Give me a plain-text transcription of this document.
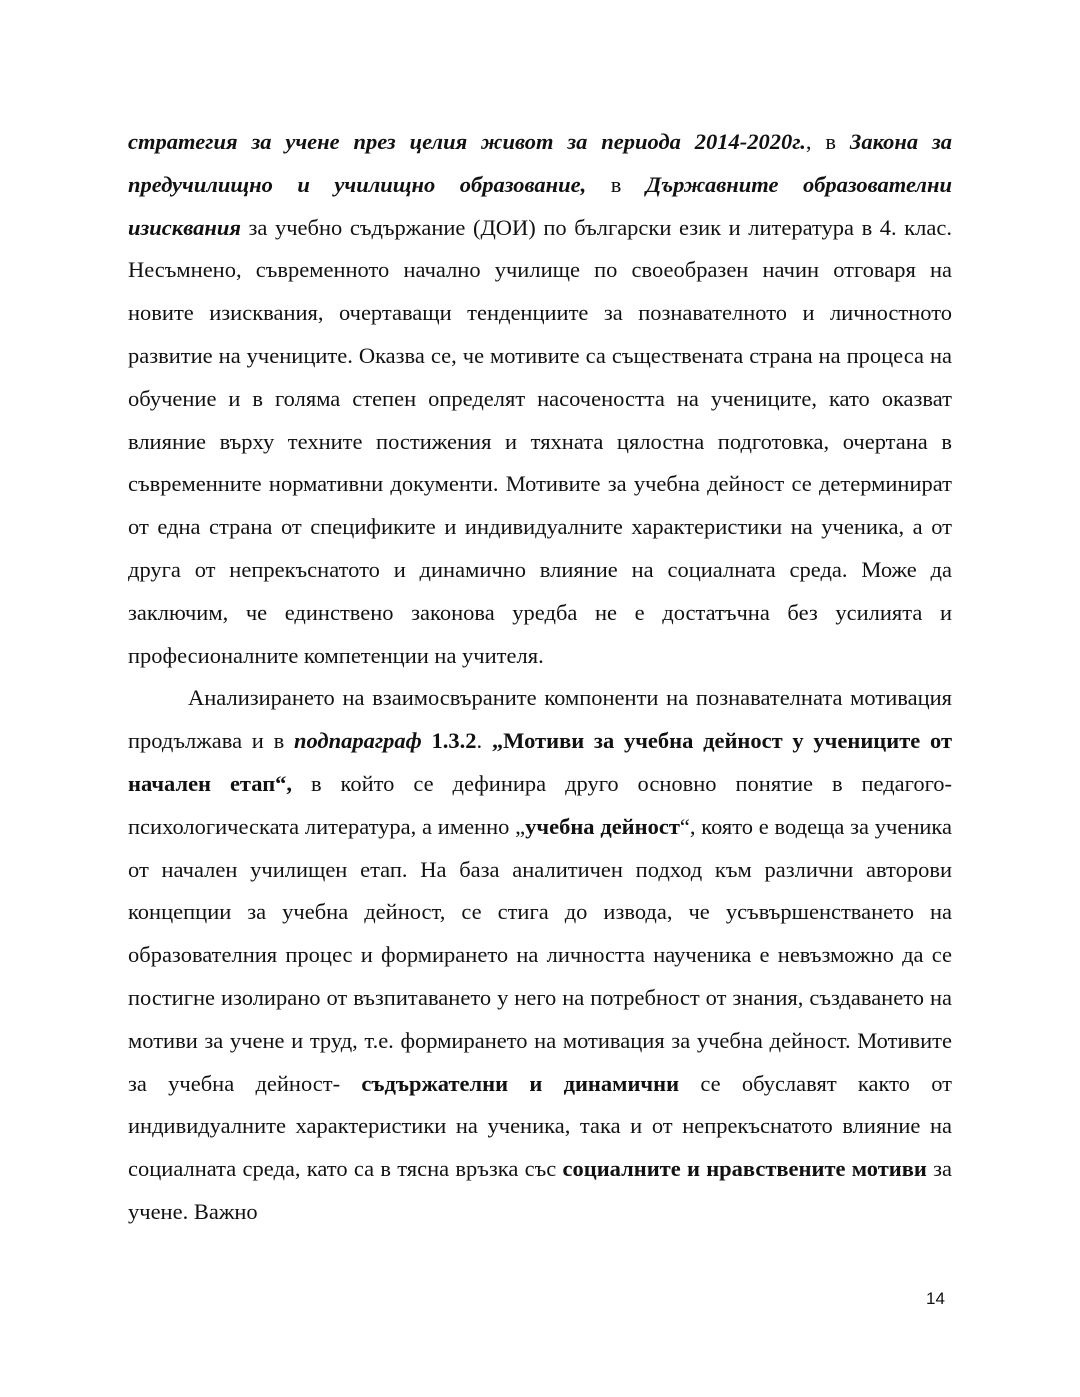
стратегия за учене през целия живот за периода 2014-2020г., в Закона за предучилищно и училищно образование, в Държавните образователни изисквания за учебно съдържание (ДОИ) по български език и литература в 4. клас. Несъмнено, съвременното начално училище по своеобразен начин отговаря на новите изисквания, очертаващи тенденциите за познавателното и личностното развитие на учениците. Оказва се, че мотивите са съществената страна на процеса на обучение и в голяма степен определят насочеността на учениците, като оказват влияние върху техните постижения и тяхната цялостна подготовка, очертана в съвременните нормативни документи. Мотивите за учебна дейност се детерминират от една страна от спецификите и индивидуалните характеристики на ученика, а от друга от непрекъснатото и динамично влияние на социалната среда. Може да заключим, че единствено законова уредба не е достатъчна без усилията и професионалните компетенции на учителя.

Анализирането на взаимосвъраните компоненти на познавателната мотивация продължава и в подпараграф 1.3.2. „Мотиви за учебна дейност у учениците от начален етап“, в който се дефинира друго основно понятие в педагого-психологическата литература, а именно „учебна дейност“, която е водеща за ученика от начален училищен етап. На база аналитичен подход към различни авторови концепции за учебна дейност, се стига до извода, че усъвършенстването на образователния процес и формирането на личността научeника е невъзможно да се постигне изолирано от възпитаването у него на потребност от знания, създаването на мотиви за учене и труд, т.е. формирането на мотивация за учебна дейност. Мотивите за учебна дейност- съдържателни и динамични се обуславят както от индивидуалните характеристики на ученика, така и от непрекъснатото влияние на социалната среда, като са в тясна връзка със социалните и нравствените мотиви за учене. Важно

14
